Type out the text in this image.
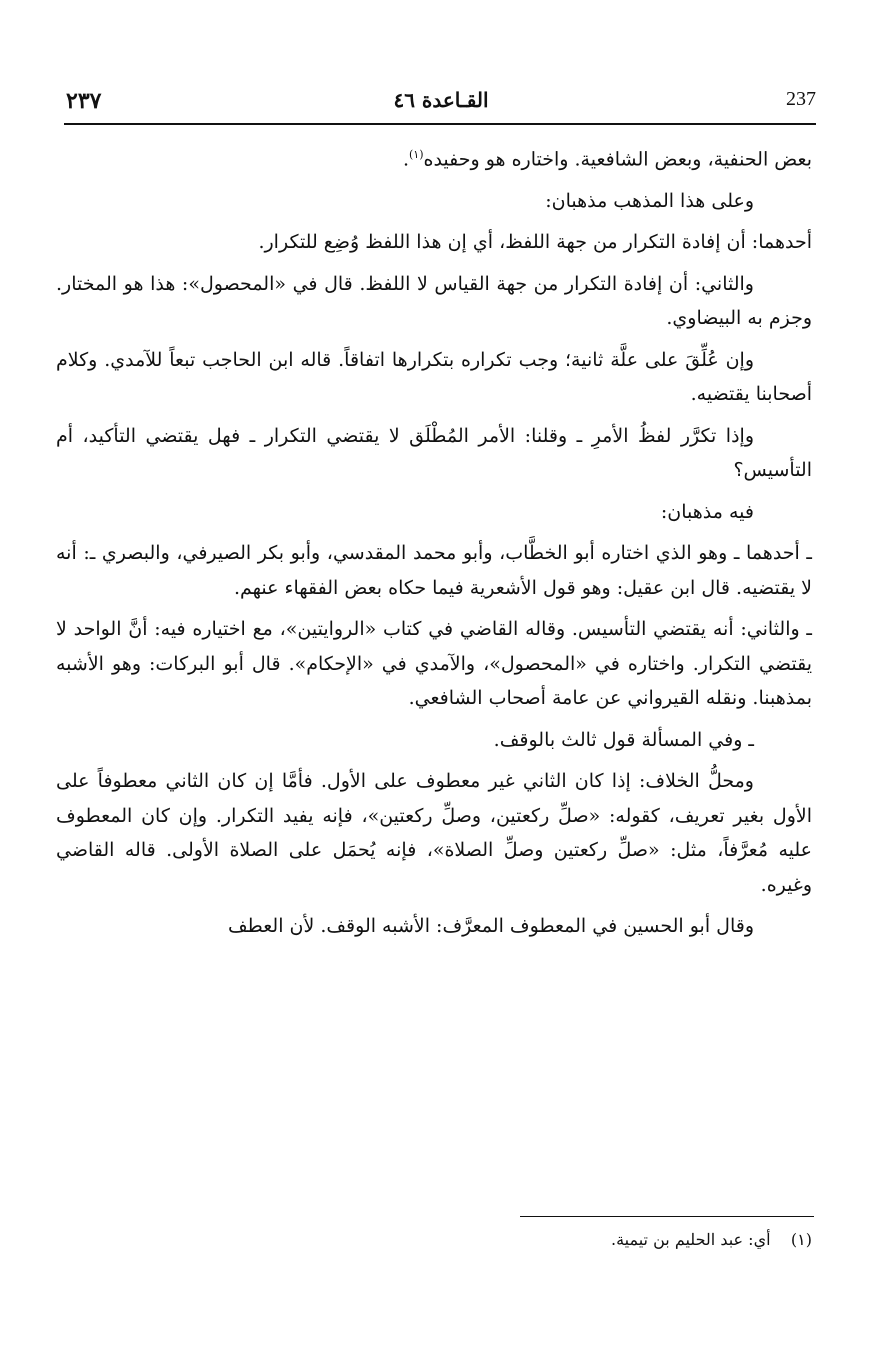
٢٣٧	القـاعدة ٤٦	237

بعض الحنفية، وبعض الشافعية. واختاره هو وحفيده$^{(١)}$.

وعلى هذا المذهب مذهبان:

أحدهما: أن إفادة التكرار من جهة اللفظ، أي إن هذا اللفظ وُضِع للتكرار.

والثاني: أن إفادة التكرار من جهة القياس لا اللفظ. قال في «المحصول»: هذا هو المختار. وجزم به البيضاوي.

وإن عُلِّقَ على علَّة ثانية؛ وجب تكراره بتكرارها اتفاقاً. قاله ابن الحاجب تبعاً للآمدي. وكلام أصحابنا يقتضيه.

وإذا تكرَّر لفظُ الأمرِ ـ وقلنا: الأمر المُطْلَق لا يقتضي التكرار ـ فهل يقتضي التأكيد، أم التأسيس؟

فيه مذهبان:

ـ أحدهما ـ وهو الذي اختاره أبو الخطَّاب، وأبو محمد المقدسي، وأبو بكر الصيرفي، والبصري ـ: أنه لا يقتضيه. قال ابن عقيل: وهو قول الأشعرية فيما حكاه بعض الفقهاء عنهم.

ـ والثاني: أنه يقتضي التأسيس. وقاله القاضي في كتاب «الروايتين»، مع اختياره فيه: أنَّ الواحد لا يقتضي التكرار. واختاره في «المحصول»، والآمدي في «الإحكام». قال أبو البركات: وهو الأشبه بمذهبنا. ونقله القيرواني عن عامة أصحاب الشافعي.

ـ وفي المسألة قول ثالث بالوقف.

ومحلُّ الخلاف: إذا كان الثاني غير معطوف على الأول. فأمَّا إن كان الثاني معطوفاً على الأول بغير تعريف، كقوله: «صلِّ ركعتين، وصلِّ ركعتين»، فإنه يفيد التكرار. وإن كان المعطوف عليه مُعرَّفاً، مثل: «صلِّ ركعتين وصلِّ الصلاة»، فإنه يُحمَل على الصلاة الأولى. قاله القاضي وغيره.

وقال أبو الحسين في المعطوف المعرَّف: الأشبه الوقف. لأن العطف

(١)    أي: عبد الحليم بن تيمية.
